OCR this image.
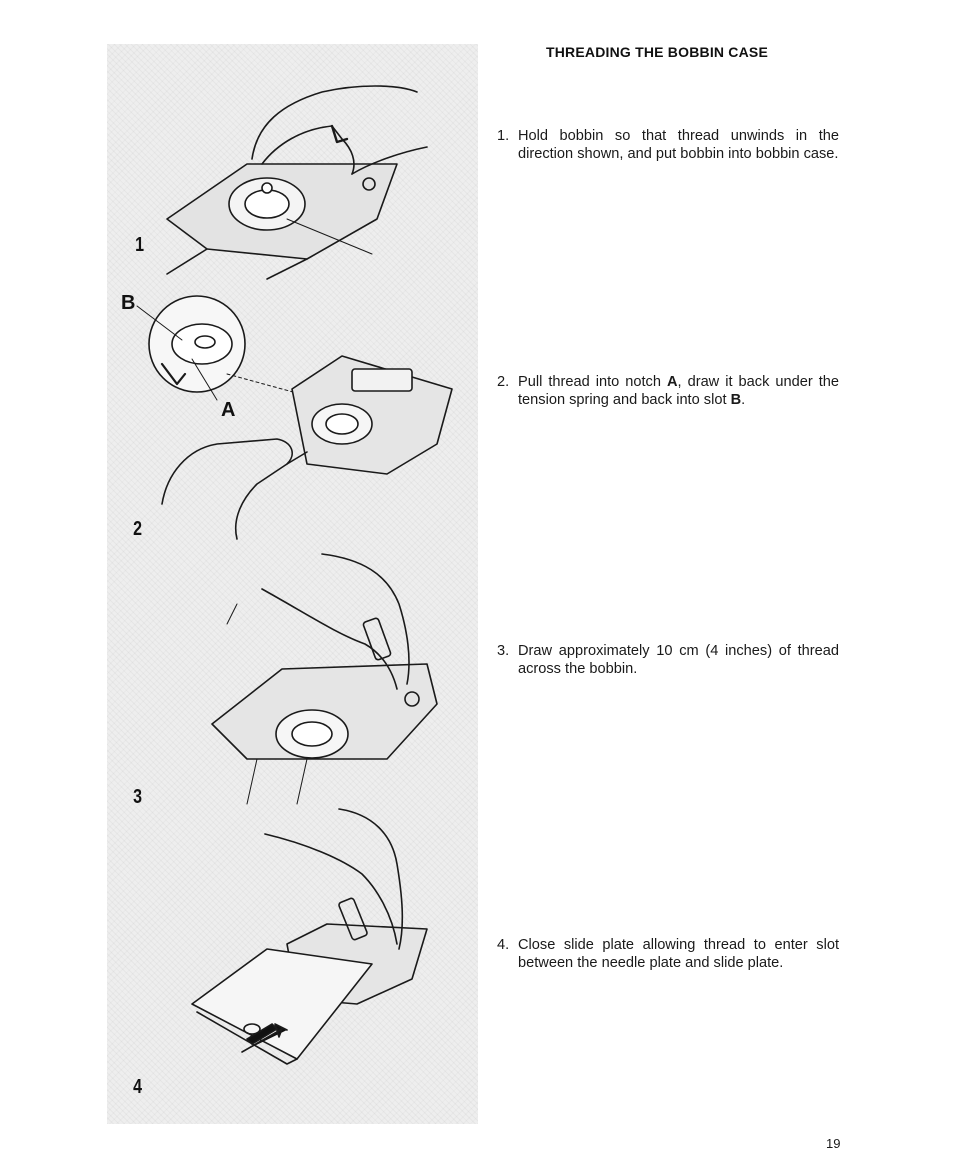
1
B
A
2
3
4
THREADING THE BOBBIN CASE
1. Hold bobbin so that thread unwinds in the direction shown, and put bobbin into bobbin case.
2. Pull thread into notch A, draw it back under the tension spring and back into slot B.
3. Draw approximately 10 cm (4 inches) of thread across the bobbin.
4. Close slide plate allowing thread to enter slot between the needle plate and slide plate.
19
